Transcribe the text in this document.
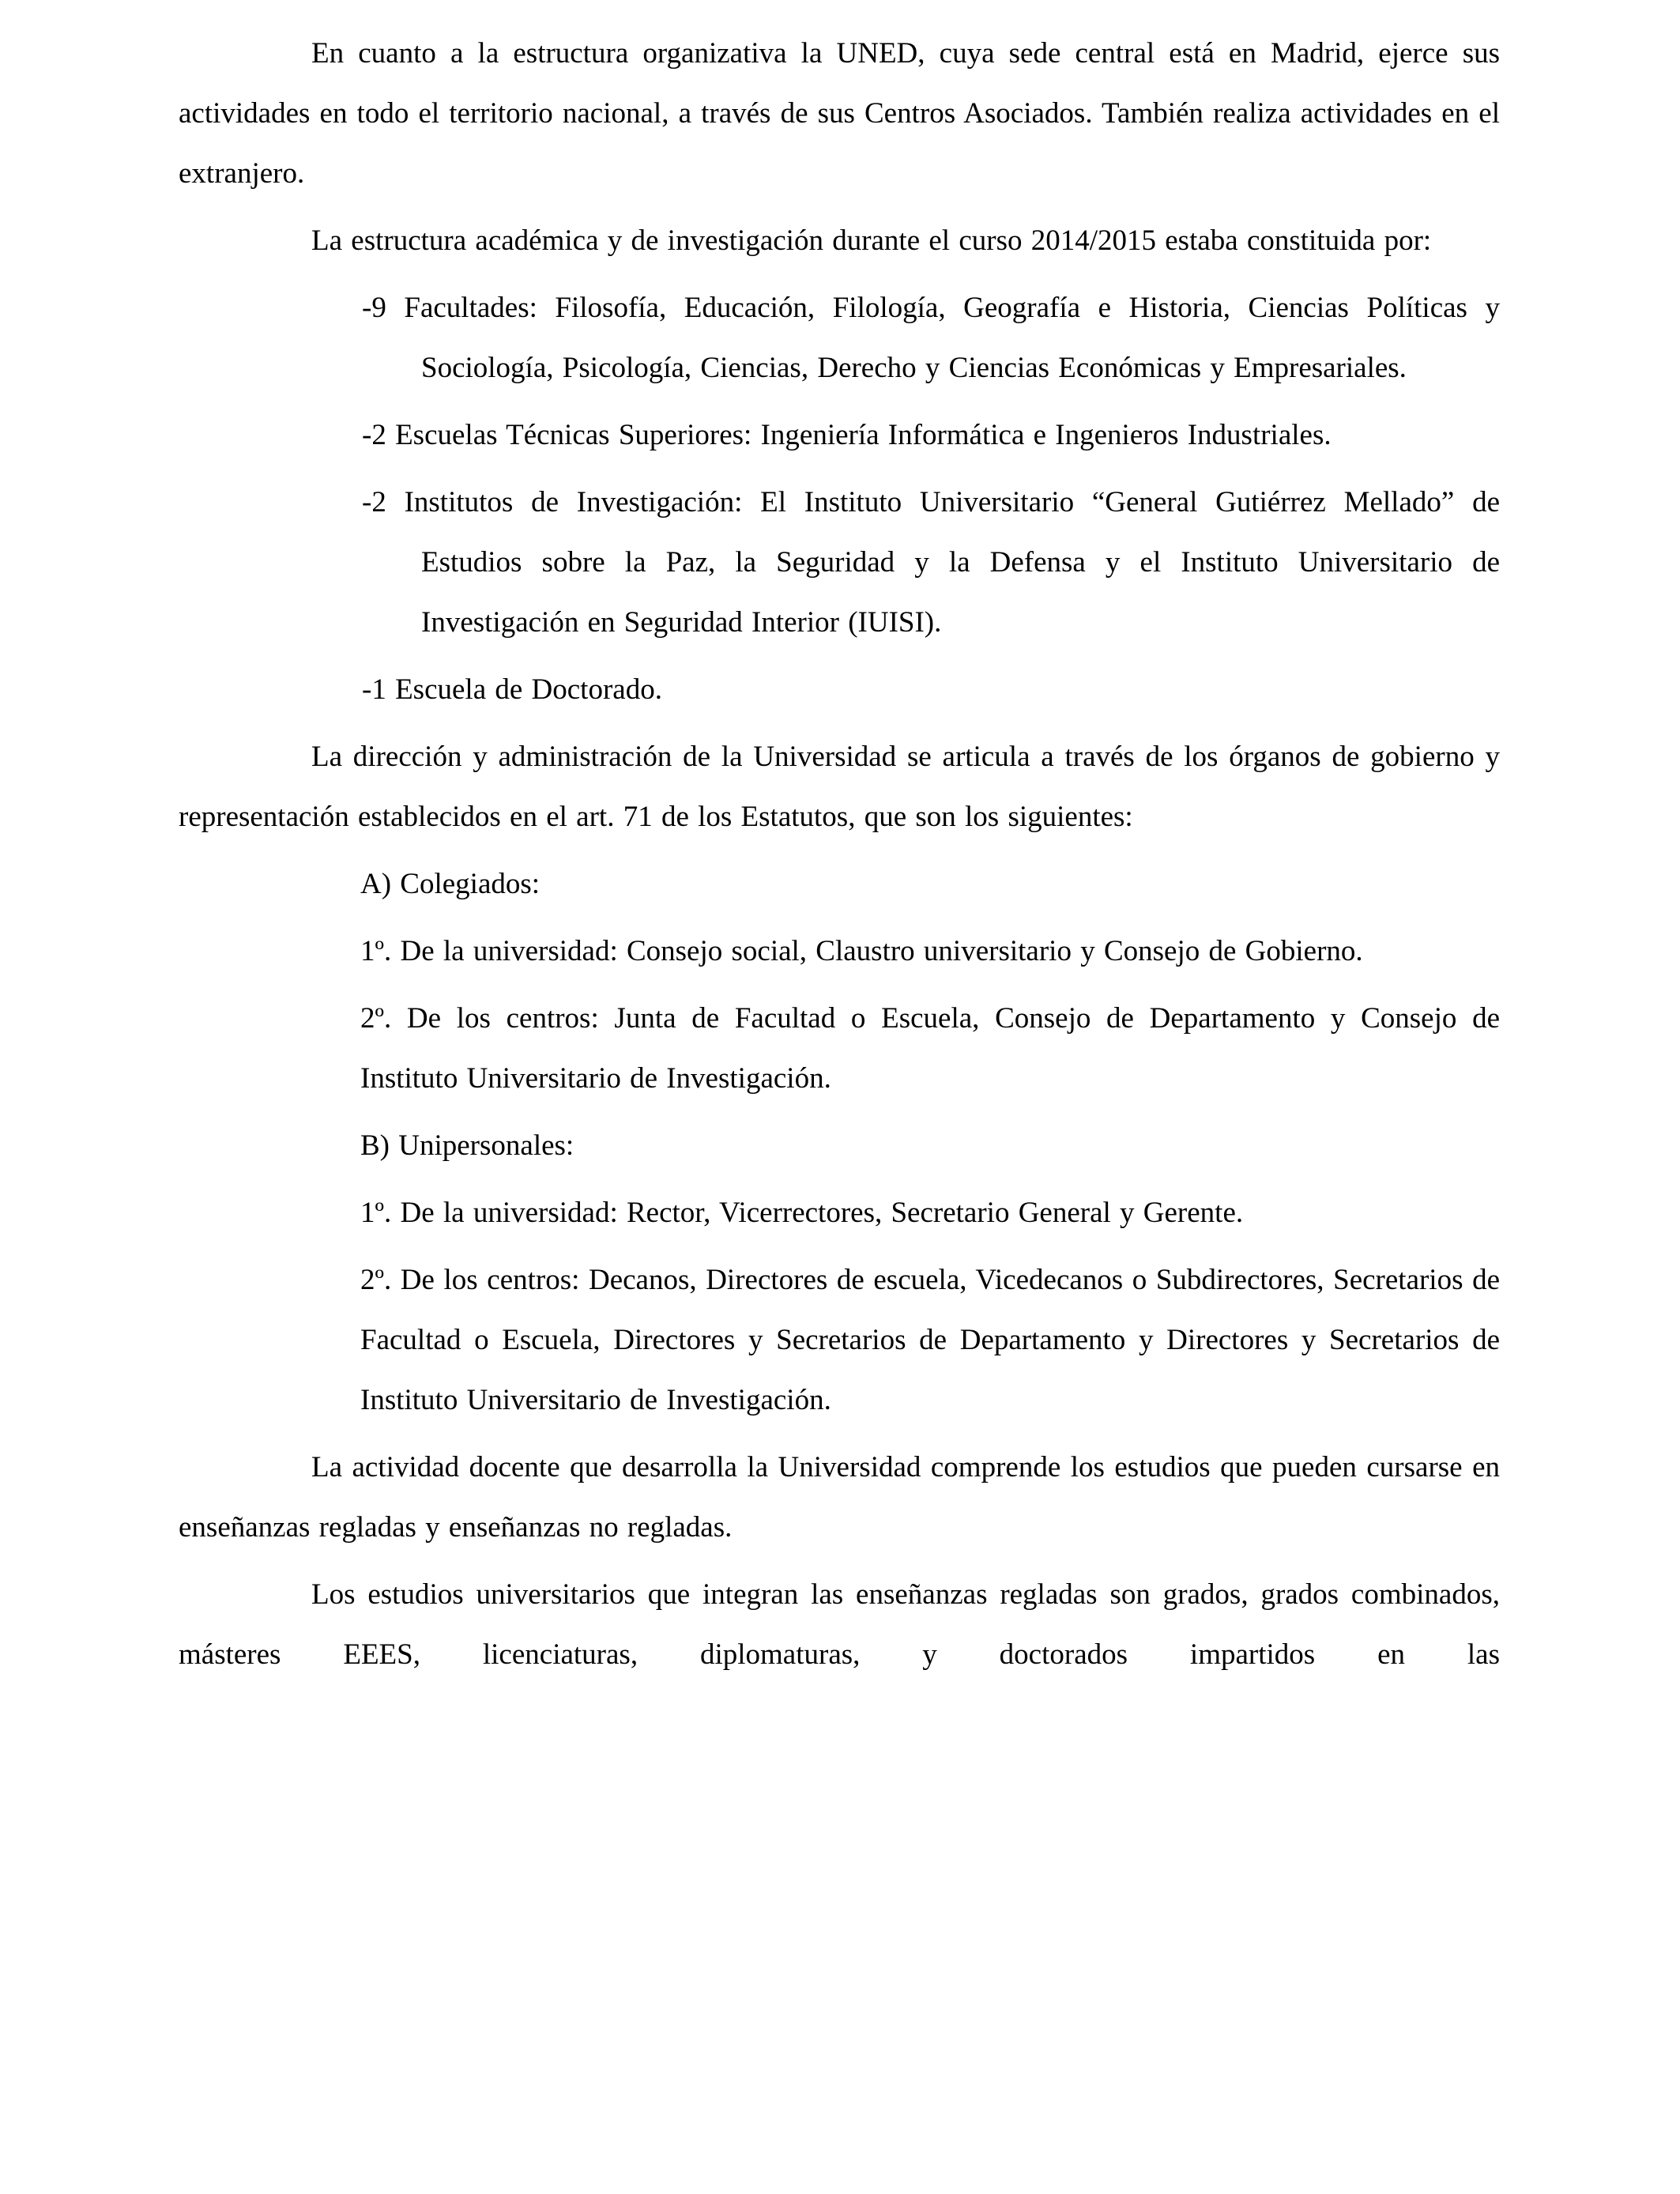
En cuanto a la estructura organizativa la UNED, cuya sede central está en Madrid, ejerce sus actividades en todo el territorio nacional, a través de sus Centros Asociados. También realiza actividades en el extranjero.

La estructura académica y de investigación durante el curso 2014/2015 estaba constituida por:

-9 Facultades: Filosofía, Educación, Filología, Geografía e Historia, Ciencias Políticas y Sociología, Psicología, Ciencias, Derecho y Ciencias Económicas y Empresariales.

-2 Escuelas Técnicas Superiores: Ingeniería Informática e Ingenieros Industriales.

-2 Institutos de Investigación: El Instituto Universitario “General Gutiérrez Mellado” de Estudios sobre la Paz, la Seguridad y la Defensa y el Instituto Universitario de Investigación en Seguridad Interior (IUISI).

-1 Escuela de Doctorado.

La dirección y administración de la Universidad se articula a través de los órganos de gobierno y representación establecidos en el art. 71 de los Estatutos, que son los siguientes:

A) Colegiados:

1º. De la universidad: Consejo social, Claustro universitario y Consejo de Gobierno.

2º. De los centros: Junta de Facultad o Escuela, Consejo de Departamento y Consejo de Instituto Universitario de Investigación.

B) Unipersonales:

1º. De la universidad: Rector, Vicerrectores, Secretario General y Gerente.

2º. De los centros: Decanos, Directores de escuela, Vicedecanos o Subdirectores, Secretarios de Facultad o Escuela, Directores y Secretarios de Departamento y Directores y Secretarios de Instituto Universitario de Investigación.

La actividad docente que desarrolla la Universidad comprende los estudios que pueden cursarse en enseñanzas regladas y enseñanzas no regladas.

Los estudios universitarios que integran las enseñanzas regladas son grados, grados combinados, másteres EEES, licenciaturas, diplomaturas, y doctorados impartidos en las
